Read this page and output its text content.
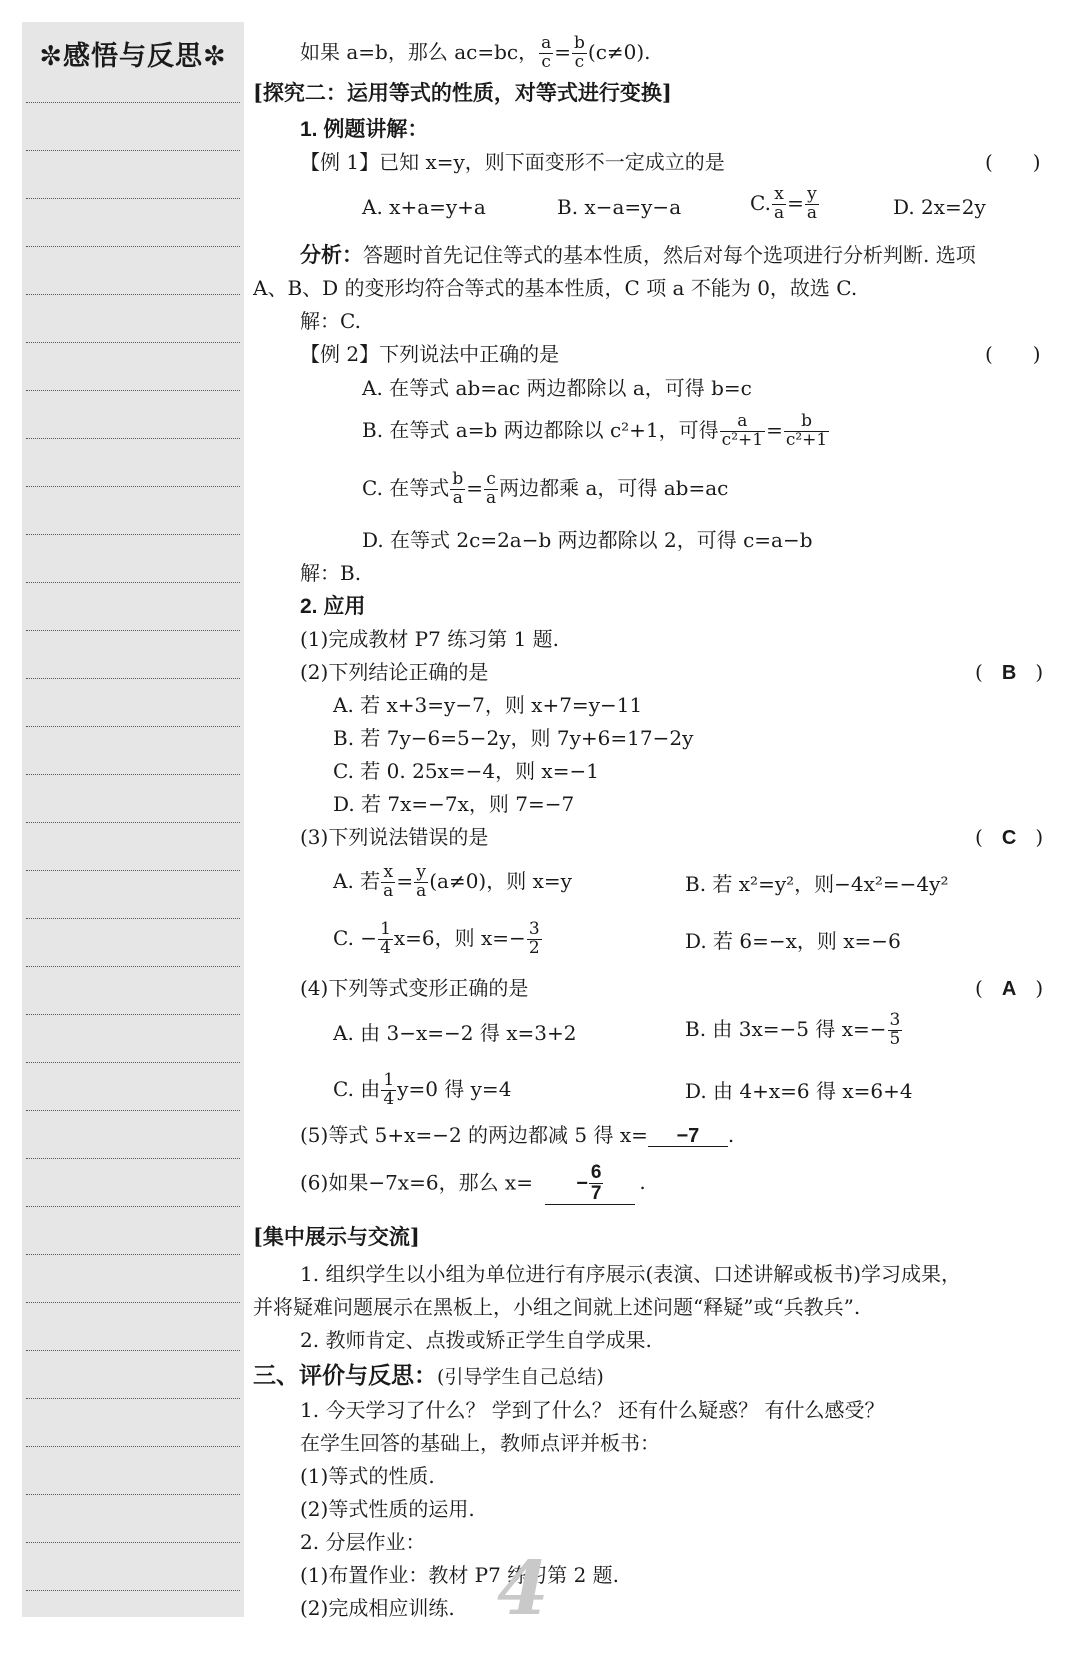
✼感悟与反思✼	如果 a=b，那么 ac=bc， $\frac{a}{c} = \frac{b}{c} (c\ne 0)$.
[探究二：运用等式的性质，对等式进行变换]
1. 例题讲解：
【例 1】已知 x=y，则下面变形不一定成立的是	(　　)
A. x+a=y+a	B. x−a=y−a	C. $\frac{x}{a} = \frac{y}{a}$	D. 2x=2y
分析：答题时首先记住等式的基本性质，然后对每个选项进行分析判断. 选项
A、B、D 的变形均符合等式的基本性质，C 项 a 不能为 0，故选 C.
解：C.
【例 2】下列说法中正确的是	(　　)
A. 在等式 ab=ac 两边都除以 a，可得 b=c
B. 在等式 a=b 两边都除以 c²+1，可得 $\frac{a}{\text{c²+1}} = \frac{b}{\text{c²+1}}$
C. 在等式 $\frac{b}{a} = \frac{c}{a}$ 两边都乘 a，可得 ab=ac
D. 在等式 2c=2a−b 两边都除以 2，可得 c=a−b
解：B.
2. 应用
(1)完成教材 P7 练习第 1 题.
(2)下列结论正确的是	(   B   )
A. 若 x+3=y−7，则 x+7=y−11
B. 若 7y−6=5−2y，则 7y+6=17−2y
C. 若 0. 25x=−4，则 x=−1
D. 若 7x=−7x，则 7=−7
(3)下列说法错误的是	(   C   )
A. 若 $\frac{x}{a} = \frac{y}{a} (a\ne 0)$，则 x=y	B. 若 x²=y²，则−4x²=−4y²
C. − $\frac{1}{4} x=6$，则 $x=- \frac{3}{2}$	D. 若 6=−x，则 x=−6
(4)下列等式变形正确的是	(   A   )
A. 由 3−x=−2 得 x=3+2	B. 由 3x=−5 得 $x=- \frac{3}{5}$
C. 由 $\frac{1}{4} y=0$ 得 y=4	D. 由 4+x=6 得 x=6+4
(5)等式 5+x=−2 的两边都减 5 得 x= −7 .
(6)如果−7x=6，那么 $x= - \frac{6}{7}$ .
[集中展示与交流]
1. 组织学生以小组为单位进行有序展示(表演、口述讲解或板书)学习成果，
并将疑难问题展示在黑板上，小组之间就上述问题“释疑”或“兵教兵”.
2. 教师肯定、点拨或矫正学生自学成果.
三、评价与反思：(引导学生自己总结)
1. 今天学习了什么？ 学到了什么？ 还有什么疑惑？ 有什么感受？
在学生回答的基础上，教师点评并板书：
(1)等式的性质.
(2)等式性质的运用.
2. 分层作业：
(1)布置作业：教材 P7 练习第 2 题.
(2)完成相应训练. 4
